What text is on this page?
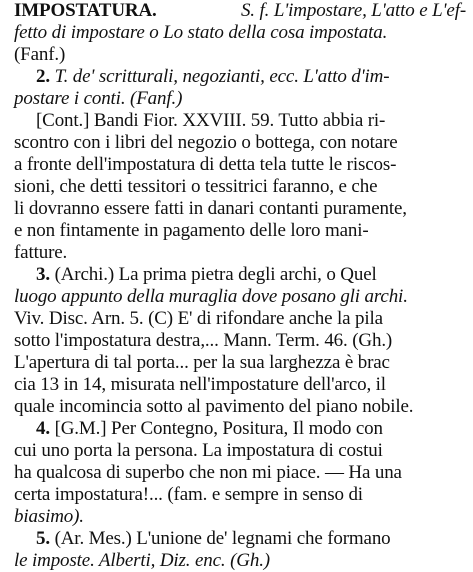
IMPOSTATURA.	S. f. L'impostare, L'atto e L'ef-
fetto di impostare o Lo stato della cosa impostata.
(Fanf.)
2. T. de' scritturali, negozianti, ecc. L'atto d'im-
postare i conti. (Fanf.)
[Cont.] Bandi Fior. XXVIII. 59. Tutto abbia ri-
scontro con i libri del negozio o bottega, con notare
a fronte dell'impostatura di detta tela tutte le riscos-
sioni, che detti tessitori o tessitrici faranno, e che
li dovranno essere fatti in danari contanti puramente,
e non fintamente in pagamento delle loro mani-
fatture.
3. (Archi.) La prima pietra degli archi, o Quel
luogo appunto della muraglia dove posano gli archi.
Viv. Disc. Arn. 5. (C) E' di rifondare anche la pila
sotto l'impostatura destra,... Mann. Term. 46. (Gh.)
L'apertura di tal porta... per la sua larghezza è brac
cia 13 in 14, misurata nell'impostature dell'arco, il
quale incomincia sotto al pavimento del piano nobile.
4. [G.M.] Per Contegno, Positura, Il modo con
cui uno porta la persona. La impostatura di costui
ha qualcosa di superbo che non mi piace. — Ha una
certa impostatura!... (fam. e sempre in senso di
biasimo).
5. (Ar. Mes.) L'unione de' legnami che formano
le imposte. Alberti, Diz. enc. (Gh.)
